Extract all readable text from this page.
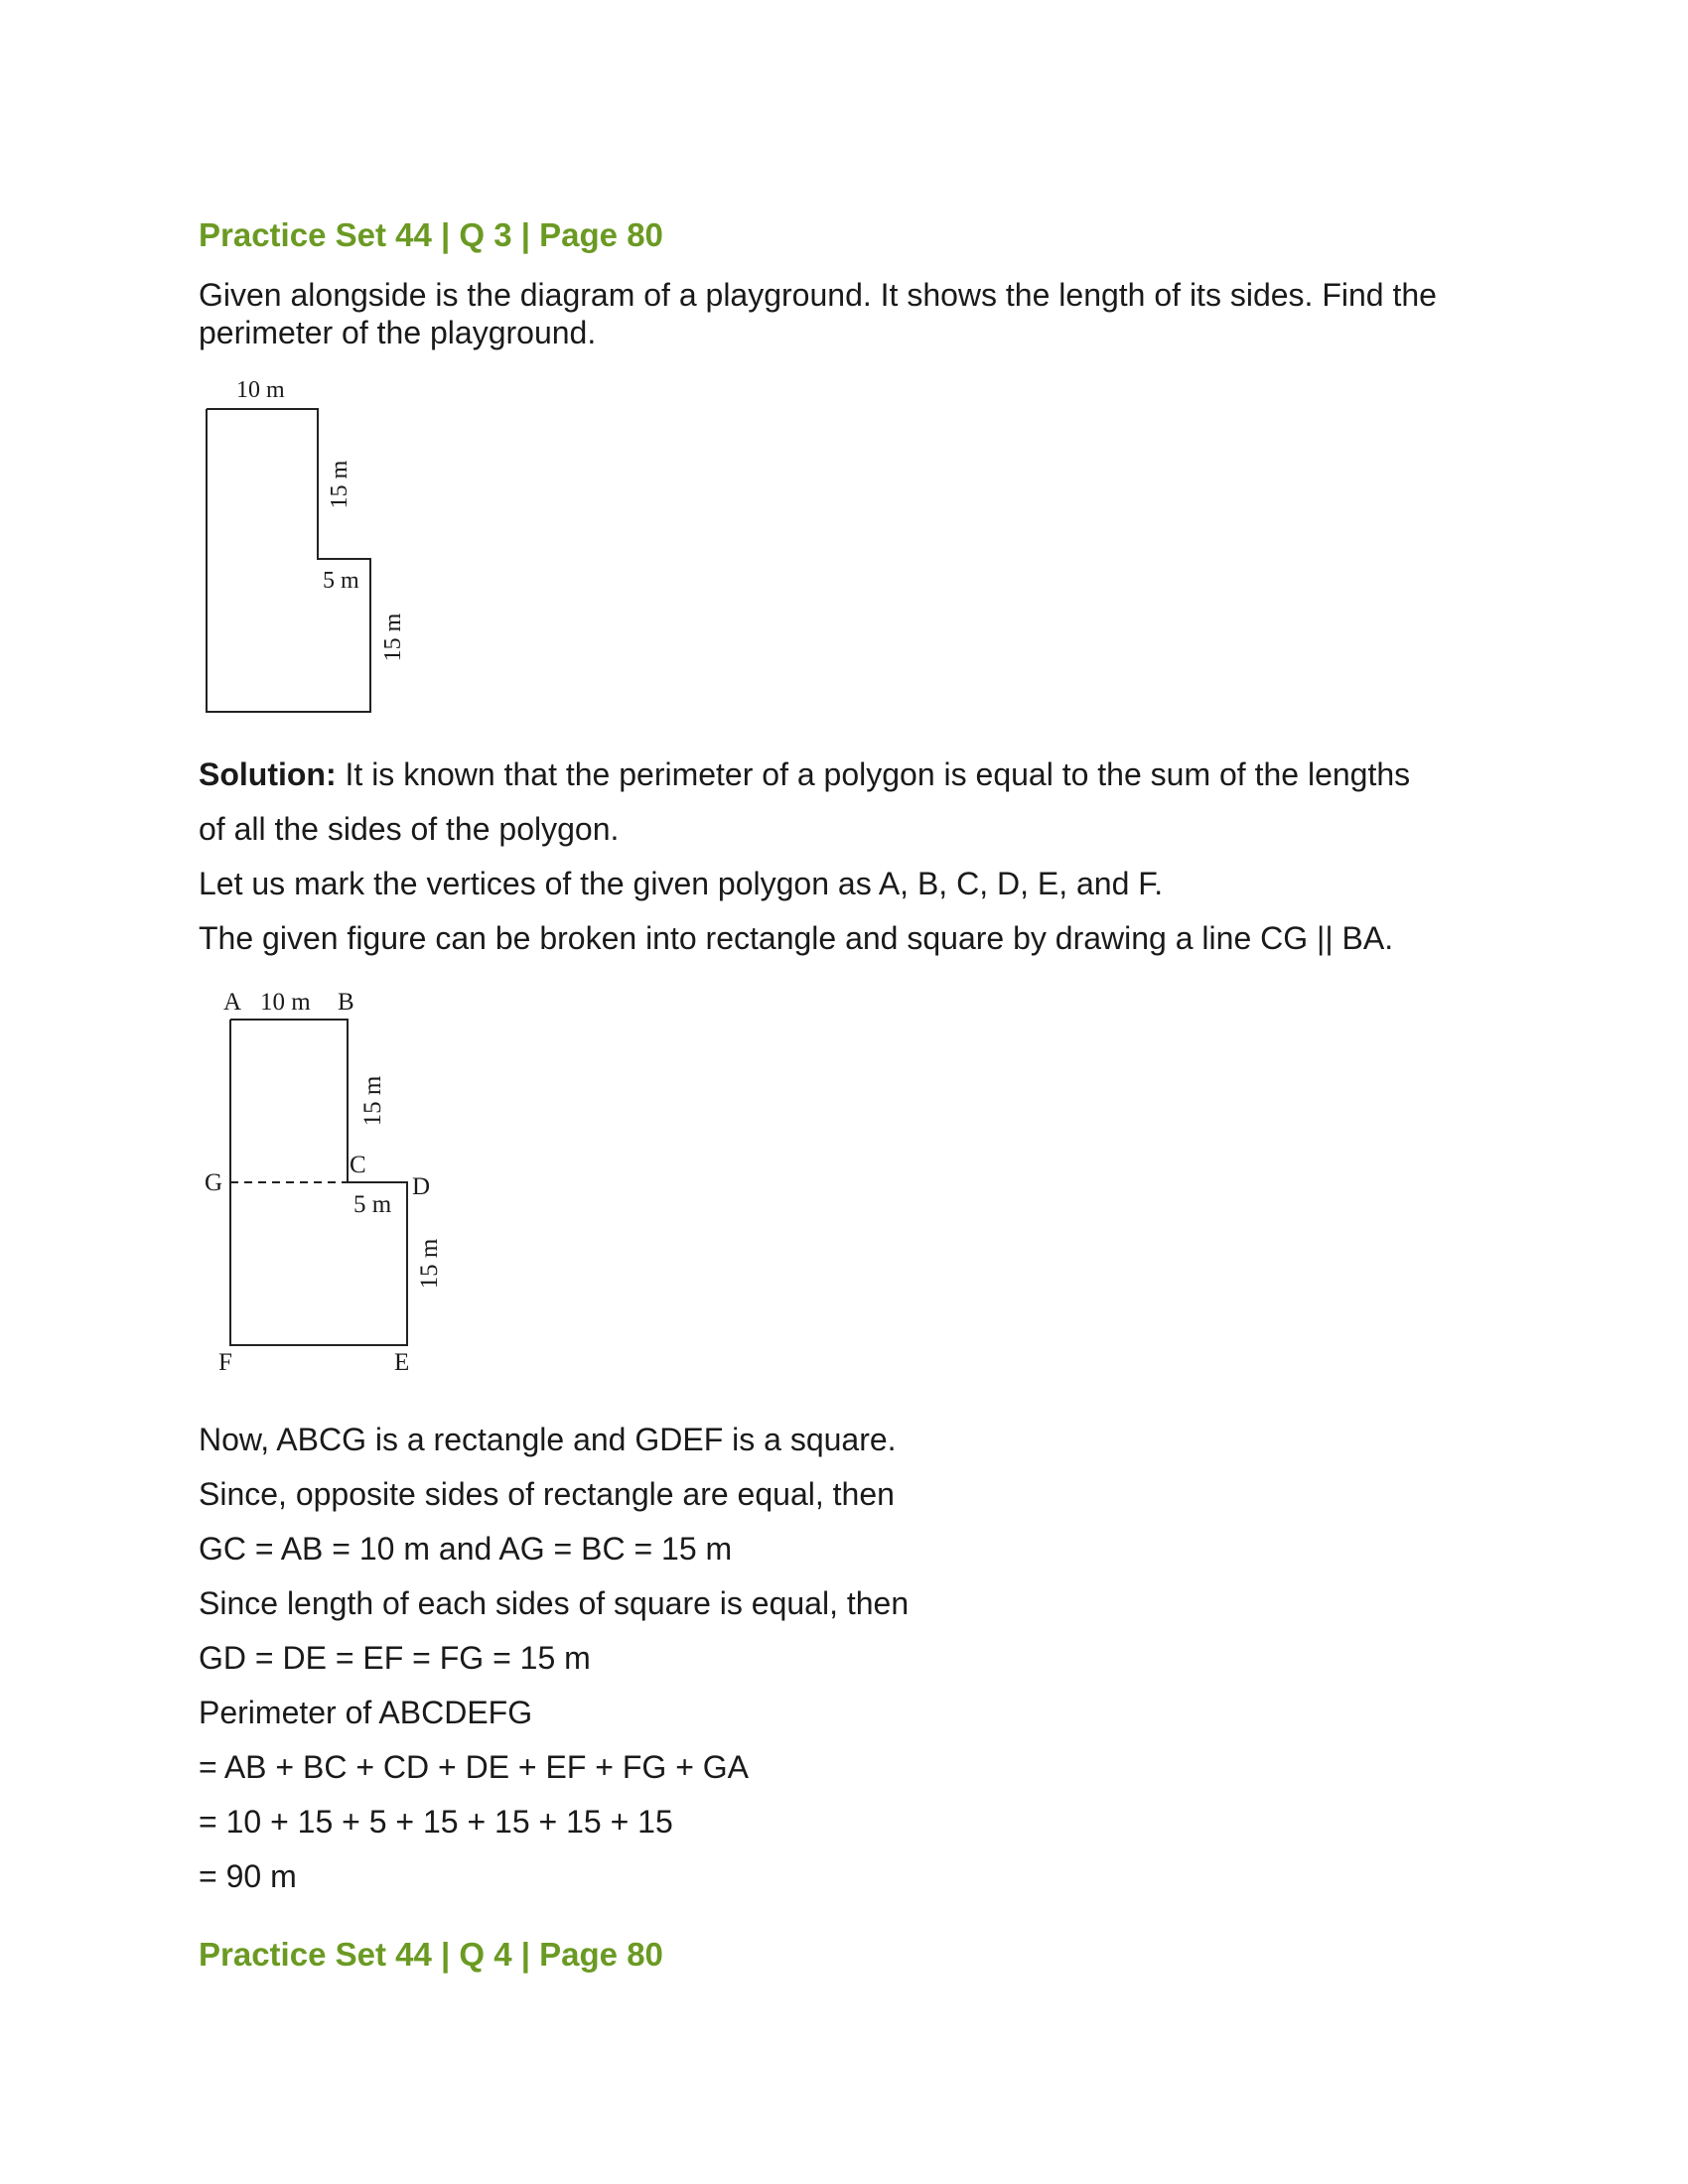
Practice Set 44 | Q 3 | Page 80

Given alongside is the diagram of a playground. It shows the length of its sides. Find the perimeter of the playground.

10 m
15 m
5 m
15 m

Solution: It is known that the perimeter of a polygon is equal to the sum of the lengths

of all the sides of the polygon.

Let us mark the vertices of the given polygon as A, B, C, D, E, and F.

The given figure can be broken into rectangle and square by drawing a line CG || BA.

A 10 m B
15 m
C
G	D
5 m
15 m
F	E

Now, ABCG is a rectangle and GDEF is a square.

Since, opposite sides of rectangle are equal, then

GC = AB = 10 m and AG = BC = 15 m

Since length of each sides of square is equal, then

GD = DE = EF = FG = 15 m

Perimeter of ABCDEFG

= AB + BC + CD + DE + EF + FG + GA

= 10 + 15 + 5 + 15 + 15 + 15 + 15

= 90 m

Practice Set 44 | Q 4 | Page 80
